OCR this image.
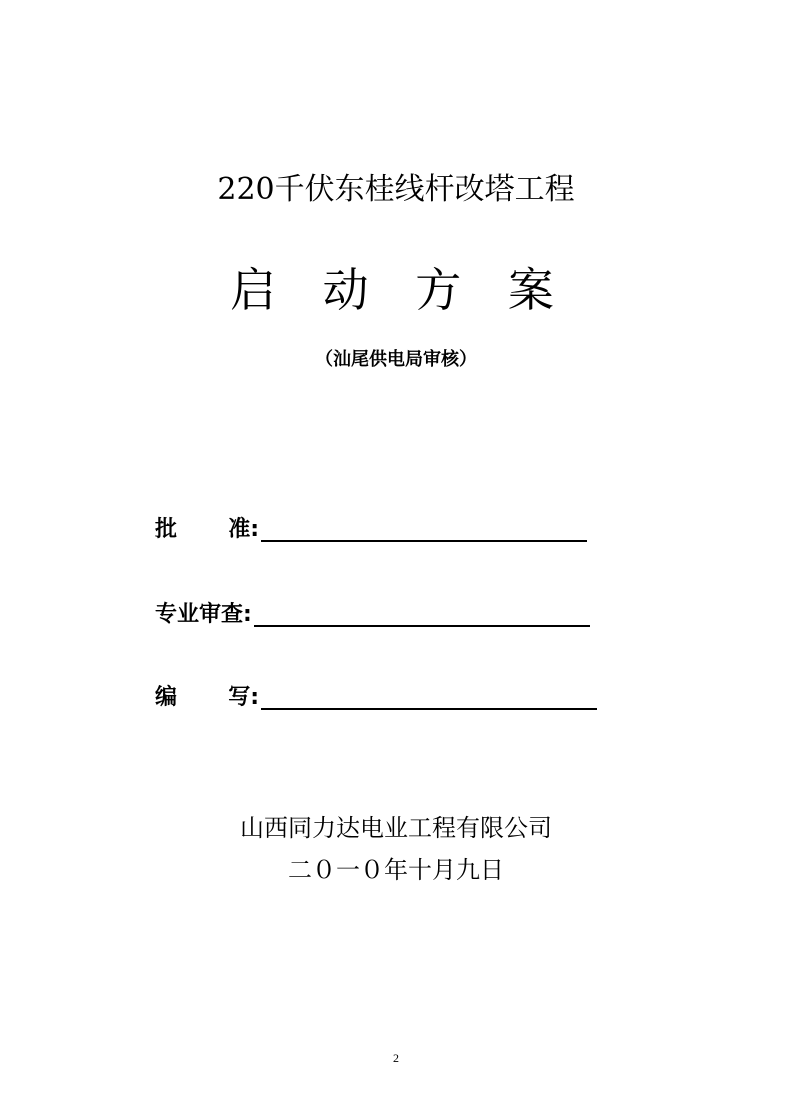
220千伏东桂线杆改塔工程
启 动 方 案
（汕尾供电局审核）
批 准:
专业审查:
编 写:
山西同力达电业工程有限公司
二０一０年十月九日
2
